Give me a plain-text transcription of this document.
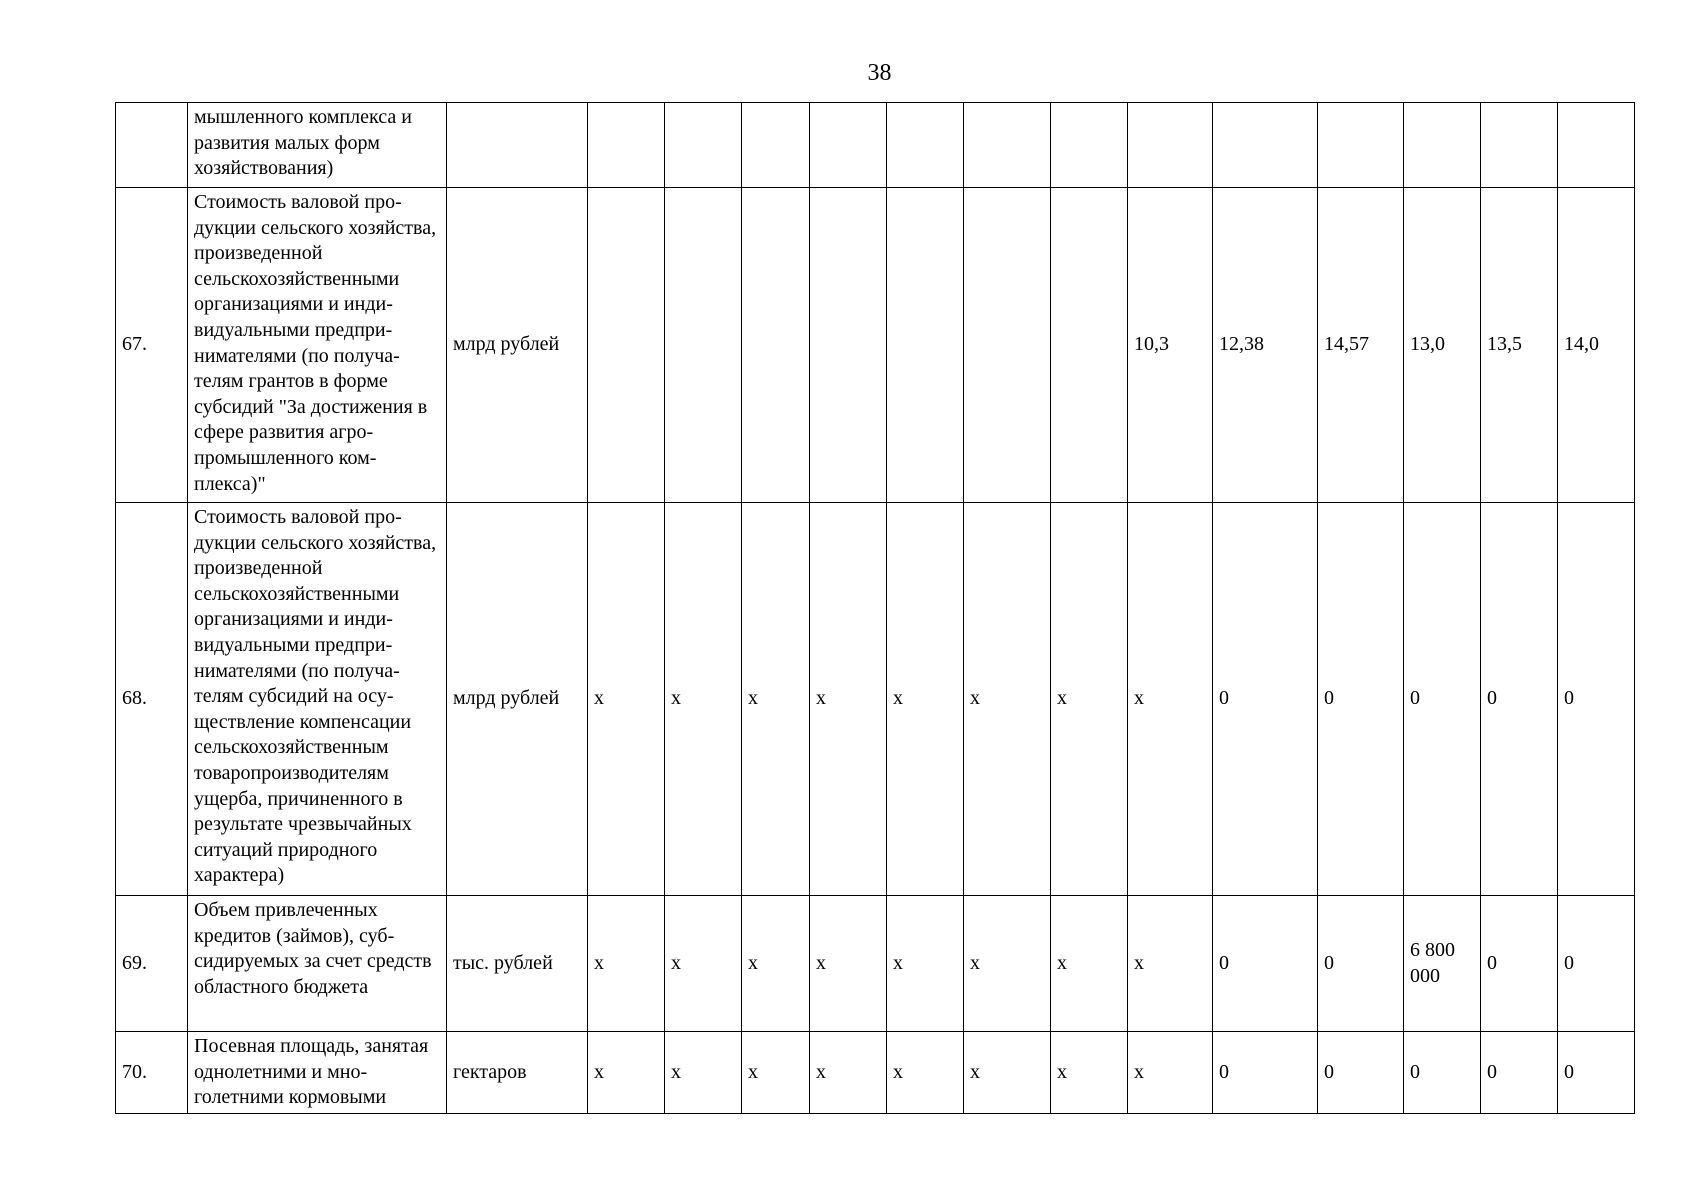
38
	мышленного комплекса и развития малых форм хозяйствования)														
67.	Стоимость валовой продукции сельского хозяйства, произведенной сельскохозяйственными организациями и индивидуальными предпринимателями (по получателям грантов в форме субсидий "За достижения в сфере развития агропромышленного комплекса)"	млрд рублей								10,3	12,38	14,57	13,0	13,5	14,0
68.	Стоимость валовой продукции сельского хозяйства, произведенной сельскохозяйственными организациями и индивидуальными предпринимателями (по получателям субсидий на осуществление компенсации сельскохозяйственным товаропроизводителям ущерба, причиненного в результате чрезвычайных ситуаций природного характера)	млрд рублей	х	х	х	х	х	х	х	х	0	0	0	0	0
69.	Объем привлеченных кредитов (займов), субсидируемых за счет средств областного бюджета	тыс. рублей	х	х	х	х	х	х	х	х	0	0	6 800 000	0	0
70.	Посевная площадь, занятая однолетними и многолетними кормовыми	гектаров	х	х	х	х	х	х	х	х	0	0	0	0	0
